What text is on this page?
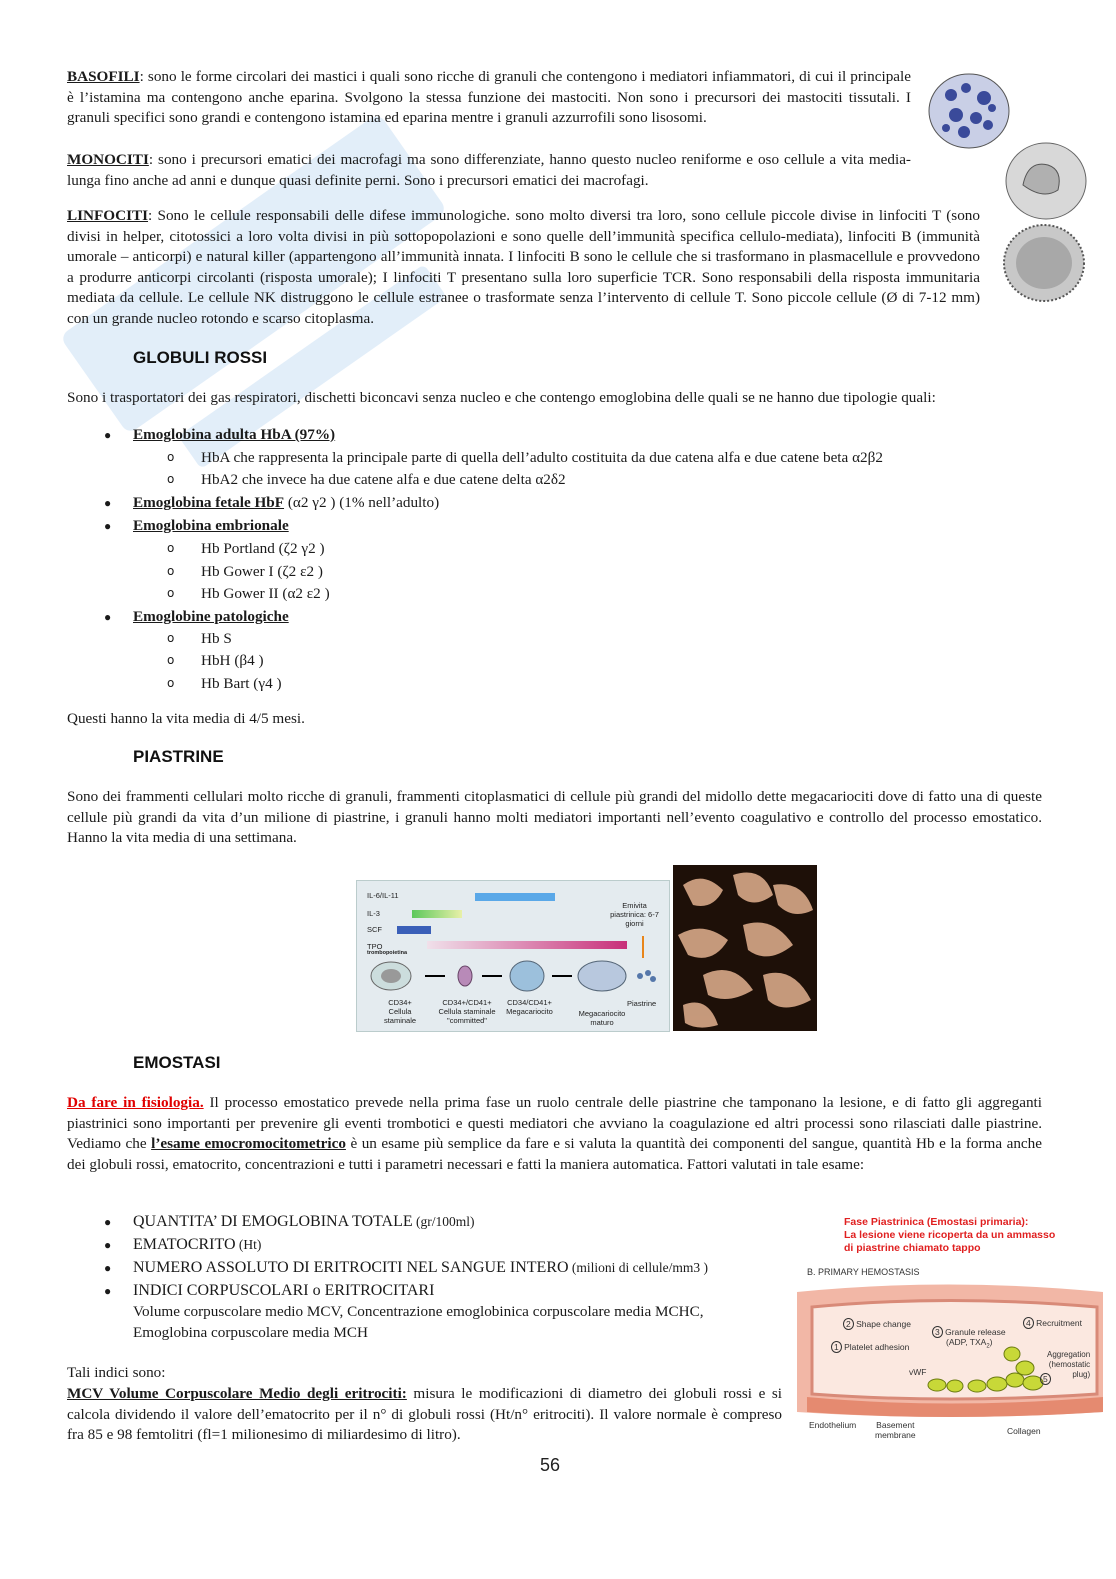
BASOFILI: sono le forme circolari dei mastici i quali sono ricche di granuli che contengono i mediatori infiammatori, di cui il principale è l’istamina ma contengono anche eparina. Svolgono la stessa funzione dei mastociti. Non sono i precursori dei mastociti tissutali. I granuli specifici sono grandi e contengono istamina ed eparina mentre i granuli azzurrofili sono lisosomi.
MONOCITI: sono i precursori ematici dei macrofagi ma sono differenziate, hanno questo nucleo reniforme e oso cellule a vita media-lunga fino anche ad anni e dunque quasi definite perni. Sono i precursori ematici dei macrofagi.
LINFOCITI: Sono le cellule responsabili delle difese immunologiche. sono molto diversi tra loro, sono cellule piccole divise in linfociti T (sono divisi in helper, citotossici a loro volta divisi in più sottopopolazioni e sono quelle dell’immunità specifica cellulo-mediata), linfociti B (immunità umorale – anticorpi) e natural killer (appartengono all’immunità innata. I linfociti B sono le cellule che si trasformano in plasmacellule e provvedono a produrre anticorpi circolanti (risposta umorale); I linfociti T presentano sulla loro superficie TCR. Sono responsabili della risposta immunitaria mediata da cellule. Le cellule NK distruggono le cellule estranee o trasformate senza l’intervento di cellule T. Sono piccole cellule (Ø di 7-12 mm) con un grande nucleo rotondo e scarso citoplasma.
GLOBULI ROSSI
Sono i trasportatori dei gas respiratori, dischetti biconcavi senza nucleo e che contengo emoglobina delle quali se ne hanno due tipologie quali:
● Emoglobina adulta HbA (97%)
o HbA che rappresenta la principale parte di quella dell’adulto costituita da due catena alfa e due catene beta α2β2
o HbA2 che invece ha due catene alfa e due catene delta α2δ2
● Emoglobina fetale HbF (α2 γ2 ) (1% nell’adulto)
● Emoglobina embrionale
o Hb Portland (ζ2 γ2 )
o Hb Gower I (ζ2 ε2 )
o Hb Gower II (α2 ε2 )
● Emoglobine patologiche
o Hb S
o HbH (β4 )
o Hb Bart (γ4 )
Questi hanno la vita media di 4/5 mesi.
PIASTRINE
Sono dei frammenti cellulari molto ricche di granuli, frammenti citoplasmatici di cellule più grandi del midollo dette megacariociti dove di fatto una di queste cellule più grandi da vita d’un milione di piastrine, i granuli hanno molti mediatori importanti nell’evento coagulativo e controllo del processo emostatico. Hanno la vita media di una settimana.
IL-6/IL-11
IL-3
SCF
TPO
trombopoietina
Emivita piastrinica: 6-7 giorni
CD34+
Cellula staminale
CD34+/CD41+
Cellula staminale
"committed"
CD34/CD41+
Megacariocito	Megacariocito
maturo
Piastrine
EMOSTASI
Da fare in fisiologia. Il processo emostatico prevede nella prima fase un ruolo centrale delle piastrine che tamponano la lesione, e di fatto gli aggreganti piastrinici sono importanti per prevenire gli eventi trombotici e questi mediatori che avviano la coagulazione ed altri processi sono rilasciati dalle piastrine. Vediamo che l’esame emocromocitometrico è un esame più semplice da fare e si valuta la quantità dei componenti del sangue, quantità Hb e la forma anche dei globuli rossi, ematocrito, concentrazioni e tutti i parametri necessari e fatti la maniera automatica. Fattori valutati in tale esame:
● QUANTITA’ DI EMOGLOBINA TOTALE (gr/100ml)
● EMATOCRITO (Ht)
● NUMERO ASSOLUTO DI ERITROCITI NEL SANGUE INTERO (milioni di cellule/mm3 )
● INDICI CORPUSCOLARI o ERITROCITARI
Volume corpuscolare medio MCV, Concentrazione emoglobinica corpuscolare media MCHC,
Emoglobina corpuscolare media MCH
Tali indici sono:
MCV Volume Corpuscolare Medio degli eritrociti: misura le modificazioni di diametro dei globuli rossi e si calcola dividendo il valore dell’ematocrito per il n° di globuli rossi (Ht/n° eritrociti). Il valore normale è compreso fra 85 e 98 femtolitri (fl=1 milionesimo di miliardesimo di litro).
Fase Piastrinica (Emostasi primaria):
La lesione viene ricoperta da un ammasso
di piastrine chiamato tappo
B. PRIMARY HEMOSTASIS
1 Platelet adhesion
2 Shape change
3 Granule release
(ADP, $TXA_2$)
4 Recruitment
Aggregation
(hemostatic
plug)
5
vWF
Endothelium Basement
membrane	Collagen
56
